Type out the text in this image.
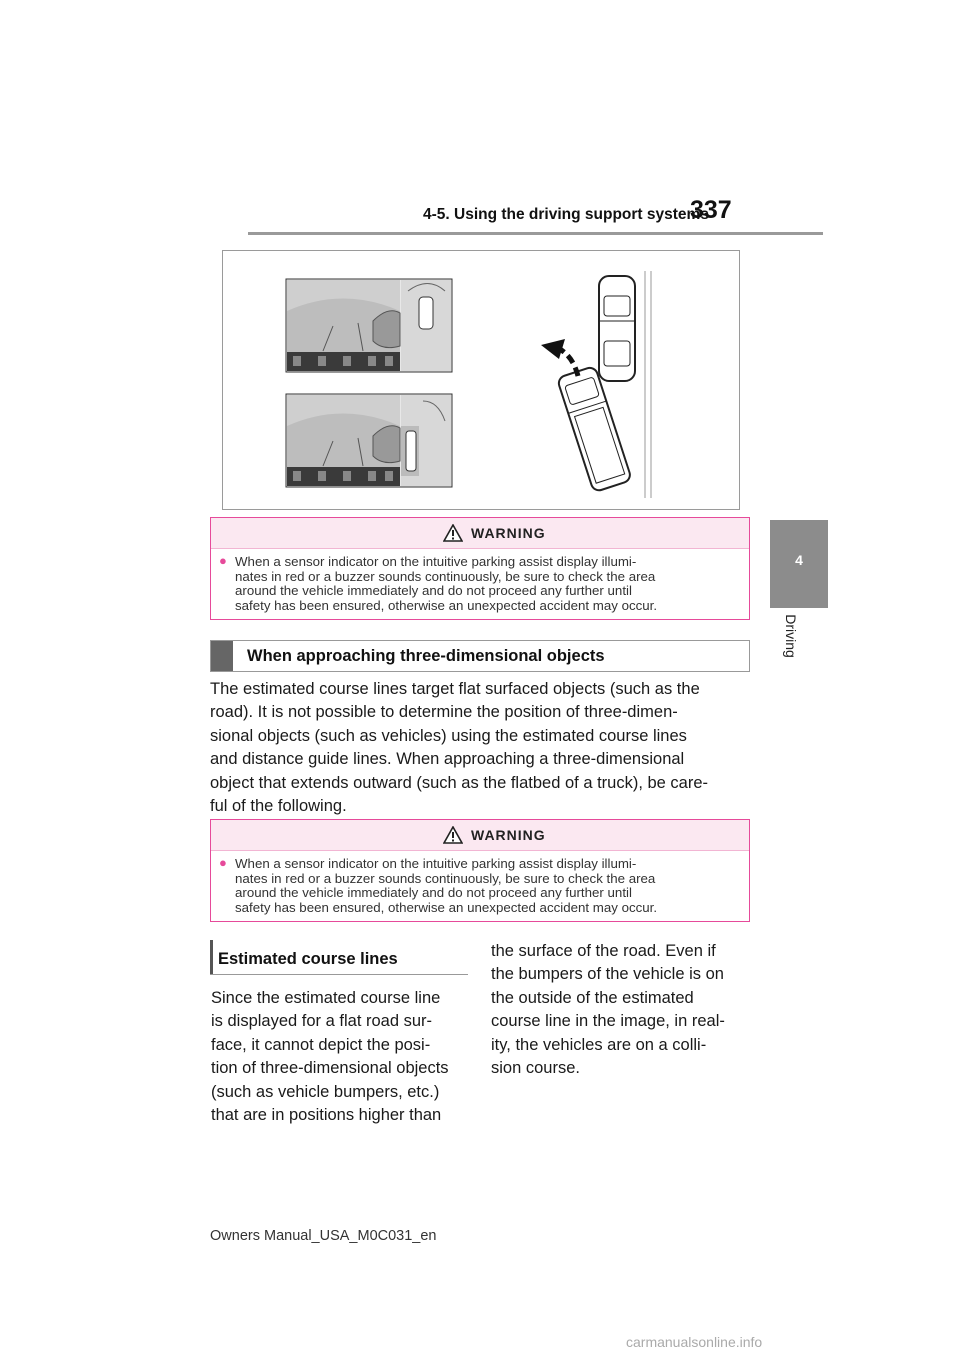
4-5. Using the driving support systems
337
4
Driving
WARNING
● When a sensor indicator on the intuitive parking assist display illumi-
nates in red or a buzzer sounds continuously, be sure to check the area
around the vehicle immediately and do not proceed any further until
safety has been ensured, otherwise an unexpected accident may occur.
When approaching three-dimensional objects
The estimated course lines target flat surfaced objects (such as the
road). It is not possible to determine the position of three-dimen-
sional objects (such as vehicles) using the estimated course lines
and distance guide lines. When approaching a three-dimensional
object that extends outward (such as the flatbed of a truck), be care-
ful of the following.
WARNING
● When a sensor indicator on the intuitive parking assist display illumi-
nates in red or a buzzer sounds continuously, be sure to check the area
around the vehicle immediately and do not proceed any further until
safety has been ensured, otherwise an unexpected accident may occur.
Estimated course lines
Since the estimated course line
is displayed for a flat road sur-
face, it cannot depict the posi-
tion of three-dimensional objects
(such as vehicle bumpers, etc.)
that are in positions higher than
the surface of the road. Even if
the bumpers of the vehicle is on
the outside of the estimated
course line in the image, in real-
ity, the vehicles are on a colli-
sion course.
Owners Manual_USA_M0C031_en
carmanualsonline.info
